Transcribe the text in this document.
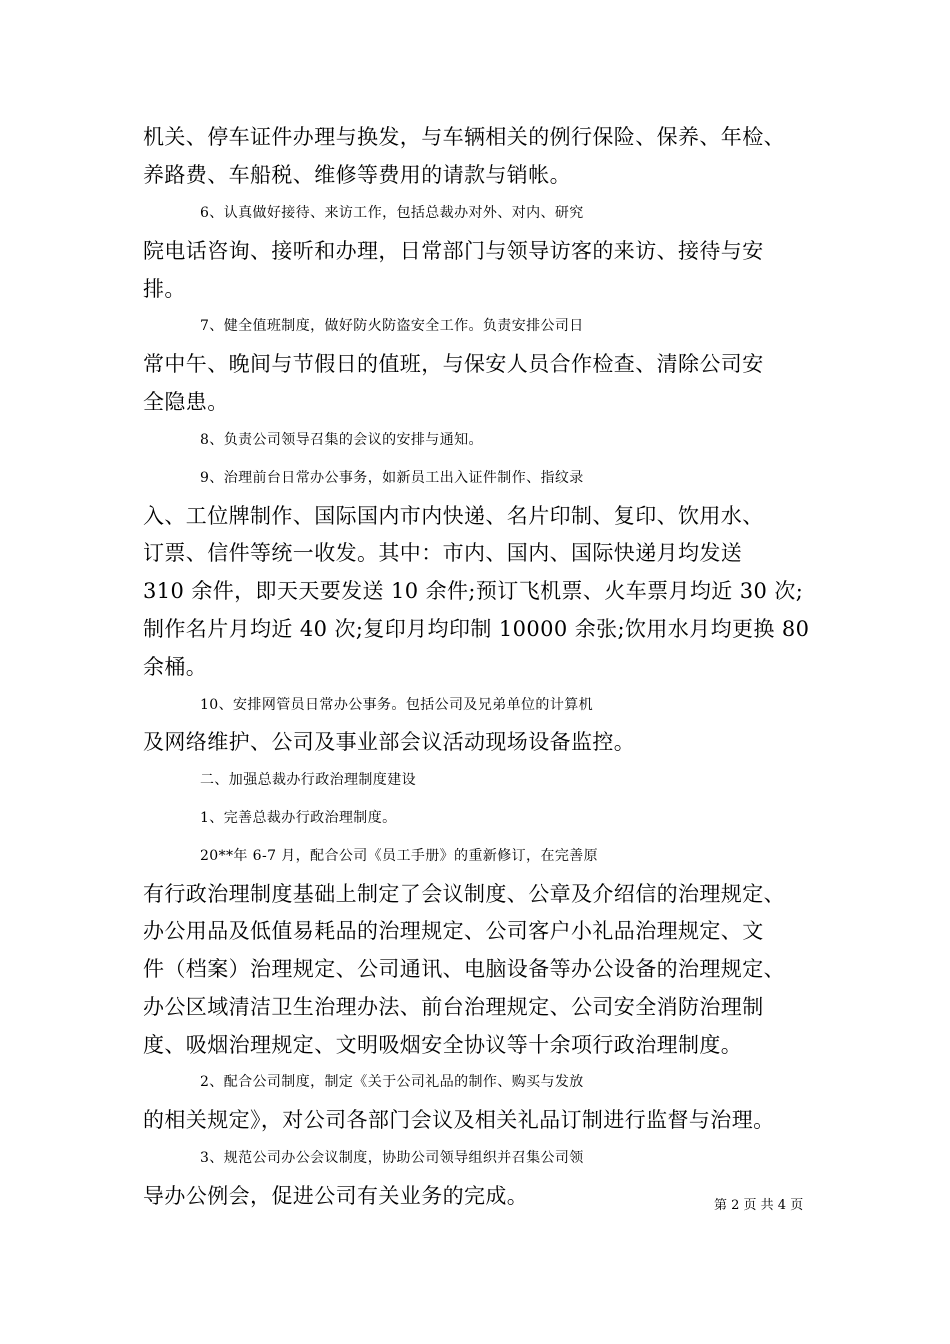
机关、停车证件办理与换发，与车辆相关的例行保险、保养、年检、
养路费、车船税、维修等费用的请款与销帐。
6、认真做好接待、来访工作，包括总裁办对外、对内、研究
院电话咨询、接听和办理，日常部门与领导访客的来访、接待与安
排。
7、健全值班制度，做好防火防盗安全工作。负责安排公司日
常中午、晚间与节假日的值班，与保安人员合作检查、清除公司安
全隐患。
8、负责公司领导召集的会议的安排与通知。
9、治理前台日常办公事务，如新员工出入证件制作、指纹录
入、工位牌制作、国际国内市内快递、名片印制、复印、饮用水、
订票、信件等统一收发。其中：市内、国内、国际快递月均发送
310 余件，即天天要发送 10 余件;预订飞机票、火车票月均近 30 次;
制作名片月均近 40 次;复印月均印制 10000 余张;饮用水月均更换 80
余桶。
10、安排网管员日常办公事务。包括公司及兄弟单位的计算机
及网络维护、公司及事业部会议活动现场设备监控。
二、加强总裁办行政治理制度建设
1、完善总裁办行政治理制度。
20**年 6-7 月，配合公司《员工手册》的重新修订，在完善原
有行政治理制度基础上制定了会议制度、公章及介绍信的治理规定、
办公用品及低值易耗品的治理规定、公司客户小礼品治理规定、文
件（档案）治理规定、公司通讯、电脑设备等办公设备的治理规定、
办公区域清洁卫生治理办法、前台治理规定、公司安全消防治理制
度、吸烟治理规定、文明吸烟安全协议等十余项行政治理制度。
2、配合公司制度，制定《关于公司礼品的制作、购买与发放
的相关规定》，对公司各部门会议及相关礼品订制进行监督与治理。
3、规范公司办公会议制度，协助公司领导组织并召集公司领
导办公例会，促进公司有关业务的完成。	第 2 页 共 4 页
